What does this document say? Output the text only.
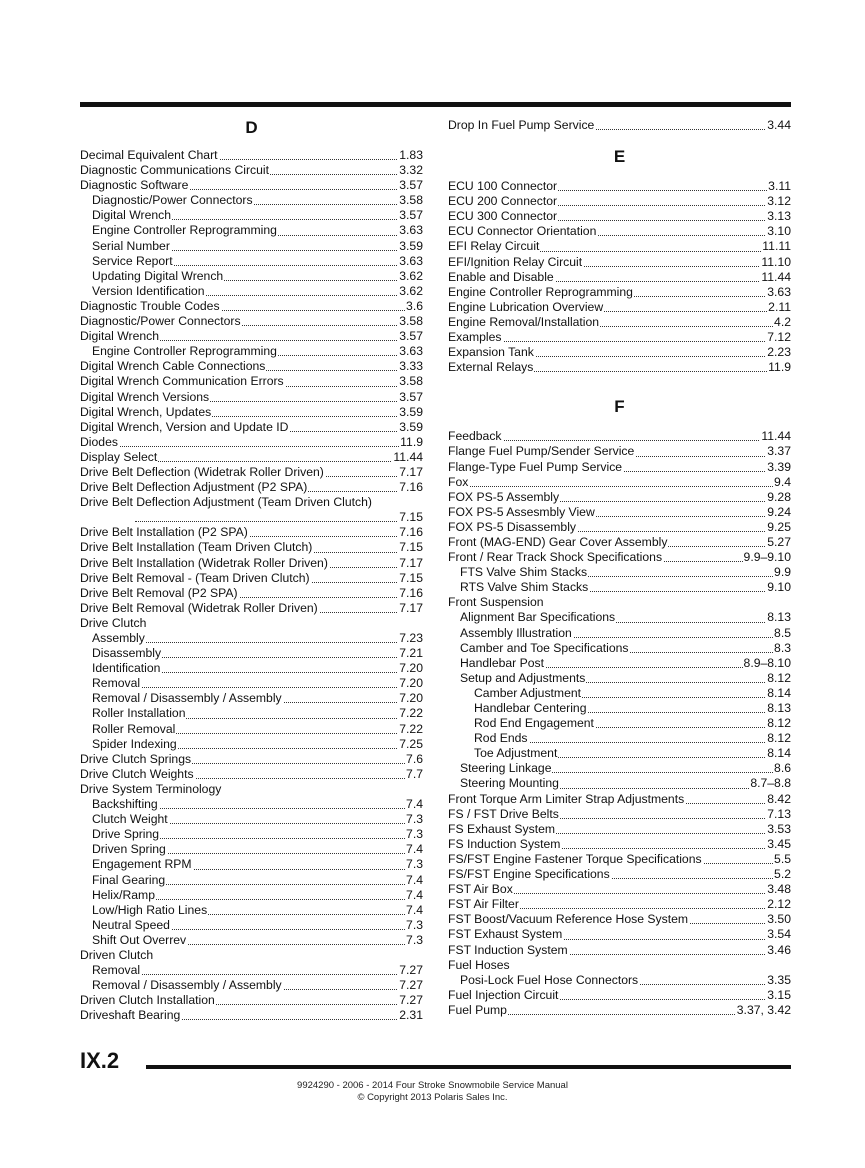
D
Decimal Equivalent Chart	1.83
Diagnostic Communications Circuit	3.32
Diagnostic Software	3.57
Diagnostic/Power Connectors	3.58
Digital Wrench	3.57
Engine Controller Reprogramming	3.63
Serial Number	3.59
Service Report	3.63
Updating Digital Wrench	3.62
Version Identification	3.62
Diagnostic Trouble Codes	3.6
Diagnostic/Power Connectors	3.58
Digital Wrench	3.57
Engine Controller Reprogramming	3.63
Digital Wrench Cable Connections	3.33
Digital Wrench Communication Errors	3.58
Digital Wrench Versions	3.57
Digital Wrench, Updates	3.59
Digital Wrench, Version and Update ID	3.59
Diodes	11.9
Display Select	11.44
Drive Belt Deflection (Widetrak Roller Driven)	7.17
Drive Belt Deflection Adjustment (P2 SPA)	7.16
Drive Belt Deflection Adjustment (Team Driven Clutch)
7.15
Drive Belt Installation (P2 SPA)	7.16
Drive Belt Installation (Team Driven Clutch)	7.15
Drive Belt Installation (Widetrak Roller Driven)	7.17
Drive Belt Removal - (Team Driven Clutch)	7.15
Drive Belt Removal (P2 SPA)	7.16
Drive Belt Removal (Widetrak Roller Driven)	7.17
Drive Clutch
Assembly	7.23
Disassembly	7.21
Identification	7.20
Removal	7.20
Removal / Disassembly / Assembly	7.20
Roller Installation	7.22
Roller Removal	7.22
Spider Indexing	7.25
Drive Clutch Springs	7.6
Drive Clutch Weights	7.7
Drive System Terminology
Backshifting	7.4
Clutch Weight	7.3
Drive Spring	7.3
Driven Spring	7.4
Engagement RPM	7.3
Final Gearing	7.4
Helix/Ramp	7.4
Low/High Ratio Lines	7.4
Neutral Speed	7.3
Shift Out Overrev	7.3
Driven Clutch
Removal	7.27
Removal / Disassembly / Assembly	7.27
Driven Clutch Installation	7.27
Driveshaft Bearing	2.31
Drop In Fuel Pump Service	3.44
E
ECU 100 Connector	3.11
ECU 200 Connector	3.12
ECU 300 Connector	3.13
ECU Connector Orientation	3.10
EFI Relay Circuit	11.11
EFI/Ignition Relay Circuit	11.10
Enable and Disable	11.44
Engine Controller Reprogramming	3.63
Engine Lubrication Overview	2.11
Engine Removal/Installation	4.2
Examples	7.12
Expansion Tank	2.23
External Relays	11.9
F
Feedback	11.44
Flange Fuel Pump/Sender Service	3.37
Flange-Type Fuel Pump Service	3.39
Fox	9.4
FOX PS-5 Assembly	9.28
FOX PS-5 Assesmbly View	9.24
FOX PS-5 Disassembly	9.25
Front (MAG-END) Gear Cover Assembly	5.27
Front / Rear Track Shock Specifications	9.9–9.10
FTS Valve Shim Stacks	9.9
RTS Valve Shim Stacks	9.10
Front Suspension
Alignment Bar Specifications	8.13
Assembly Illustration	8.5
Camber and Toe Specifications	8.3
Handlebar Post	8.9–8.10
Setup and Adjustments	8.12
Camber Adjustment	8.14
Handlebar Centering	8.13
Rod End Engagement	8.12
Rod Ends	8.12
Toe Adjustment	8.14
Steering Linkage	8.6
Steering Mounting	8.7–8.8
Front Torque Arm Limiter Strap Adjustments	8.42
FS / FST Drive Belts	7.13
FS Exhaust System	3.53
FS Induction System	3.45
FS/FST Engine Fastener Torque Specifications	5.5
FS/FST Engine Specifications	5.2
FST Air Box	3.48
FST Air Filter	2.12
FST Boost/Vacuum Reference Hose System	3.50
FST Exhaust System	3.54
FST Induction System	3.46
Fuel Hoses
Posi-Lock Fuel Hose Connectors	3.35
Fuel Injection Circuit	3.15
Fuel Pump	3.37, 3.42
IX.2
9924290 - 2006 - 2014 Four Stroke Snowmobile Service Manual
© Copyright 2013 Polaris Sales Inc.
